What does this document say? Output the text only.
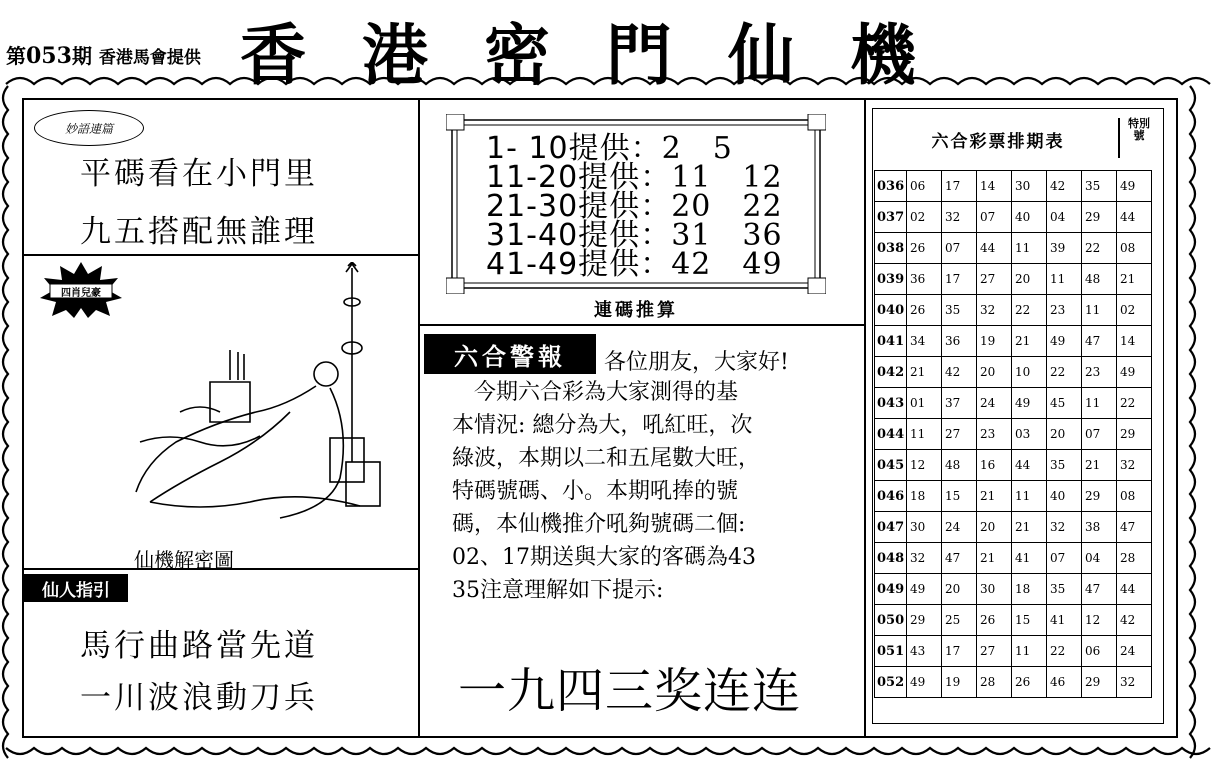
第053期 香港馬會提供 香港密門仙機
妙語連篇
平碼看在小門里
九五搭配無誰理
四肖兒豪
仙機解密圖
仙人指引
馬行曲路當先道
一川波浪動刀兵
1- 10提供：2　5
11-20提供：11　12
21-30提供：20　22
31-40提供：31　36
41-49提供：42　49
連碼推算
六合警報	各位朋友，大家好!
　今期六合彩為大家測得的基
本情況: 總分為大，吼紅旺，次
綠波，本期以二和五尾數大旺，
特碼號碼、小。本期吼捧的號
碼，本仙機推介吼夠號碼二個:
02、17期送與大家的客碼為43
35注意理解如下提示:
一九四三奖连连
六合彩票排期表
特別號
036	06	17	14	30	42	35	49
037	02	32	07	40	04	29	44
038	26	07	44	11	39	22	08
039	36	17	27	20	11	48	21
040	26	35	32	22	23	11	02
041	34	36	19	21	49	47	14
042	21	42	20	10	22	23	49
043	01	37	24	49	45	11	22
044	11	27	23	03	20	07	29
045	12	48	16	44	35	21	32
046	18	15	21	11	40	29	08
047	30	24	20	21	32	38	47
048	32	47	21	41	07	04	28
049	49	20	30	18	35	47	44
050	29	25	26	15	41	12	42
051	43	17	27	11	22	06	24
052	49	19	28	26	46	29	32
